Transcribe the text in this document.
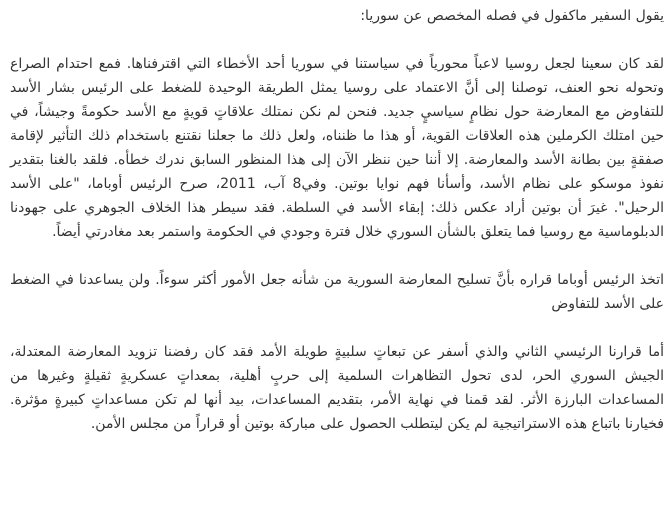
يقول السفير ماكفول في فصله المخصص عن سوريا:

لقد كان سعينا لجعل روسيا لاعباً محورياً في سياستنا في سوريا أحد الأخطاء التي اقترفناها. فمع احتدام الصراع وتحوله نحو العنف، توصلنا إلى أنَّ الاعتماد على روسيا يمثل الطريقة الوحيدة للضغط على الرئيس بشار الأسد للتفاوض مع المعارضة حول نظامٍ سياسيٍ جديد. فنحن لم نكن نمتلك علاقاتٍ قويةٍ مع الأسد حكومةً وجيشاً، في حين امتلك الكرملين هذه العلاقات القوية، أو هذا ما ظنناه، ولعل ذلك ما جعلنا نقتنع باستخدام ذلك التأثير لإقامة صفقةٍ بين بطانة الأسد والمعارضة. إلا أننا حين ننظر الآن إلى هذا المنظور السابق ندرك خطأه. فلقد بالغنا بتقدير نفوذ موسكو على نظام الأسد، وأسأنا فهم نوايا بوتين. وفي8 آب، 2011، صرح الرئيس أوباما، "على الأسد الرحيل". غيرَ أن بوتين أراد عكس ذلك: إبقاء الأسد في السلطة. فقد سيطر هذا الخلاف الجوهري على جهودنا الدبلوماسية مع روسيا فما يتعلق بالشأن السوري خلال فترة وجودي في الحكومة واستمر بعد مغادرتي أيضاً.

اتخذ الرئيس أوباما قراره بأنَّ تسليح المعارضة السورية من شأنه جعل الأمور أكثر سوءاً. ولن يساعدنا في الضغط على الأسد للتفاوض

أما قرارنا الرئيسي الثاني والذي أسفر عن تبعاتٍ سلبيةٍ طويلة الأمد فقد كان رفضنا تزويد المعارضة المعتدلة، الجيش السوري الحر، لدى تحول التظاهرات السلمية إلى حربٍ أهلية، بمعداتٍ عسكريةٍ ثقيلةٍ وغيرها من المساعدات البارزة الأثر. لقد قمنا في نهاية الأمر، بتقديم المساعدات، بيد أنها لم تكن مساعداتٍ كبيرةٍ مؤثرة. فخيارنا باتباع هذه الاستراتيجية لم يكن ليتطلب الحصول على مباركة بوتين أو قراراً من مجلس الأمن.
